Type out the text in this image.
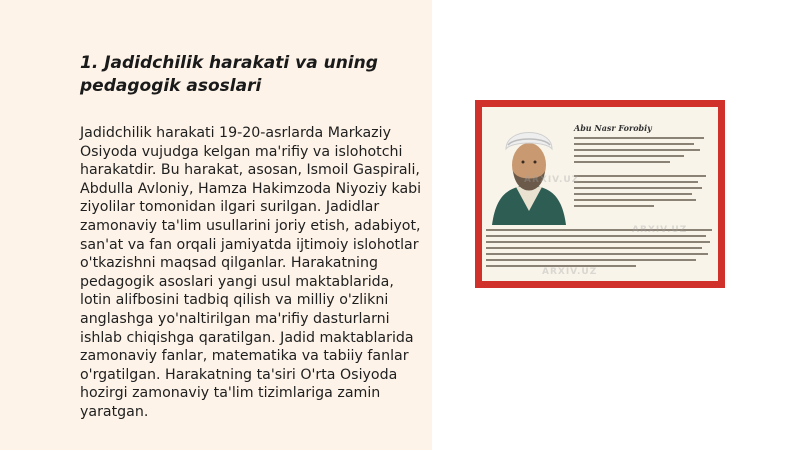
1. Jadidchilik harakati va uning pedagogik asoslari

Jadidchilik harakati 19-20-asrlarda Markaziy Osiyoda vujudga kelgan ma'rifiy va islohotchi harakatdir. Bu harakat, asosan, Ismoil Gaspirali, Abdulla Avloniy, Hamza Hakimzoda Niyoziy kabi ziyolilar tomonidan ilgari surilgan. Jadidlar zamonaviy ta'lim usullarini joriy etish, adabiyot, san'at va fan orqali jamiyatda ijtimoiy islohotlar o'tkazishni maqsad qilganlar. Harakatning pedagogik asoslari yangi usul maktablarida, lotin alifbosini tadbiq qilish va milliy o'zlikni anglashga yo'naltirilgan ma'rifiy dasturlarni ishlab chiqishga qaratilgan. Jadid maktablarida zamonaviy fanlar, matematika va tabiiy fanlar o'rgatilgan. Harakatning ta'siri O'rta Osiyoda hozirgi zamonaviy ta'lim tizimlariga zamin yaratgan.

Abu Nasr Forobiy
ARXIV.UZ
ARXIV.UZ
ARXIV.UZ
